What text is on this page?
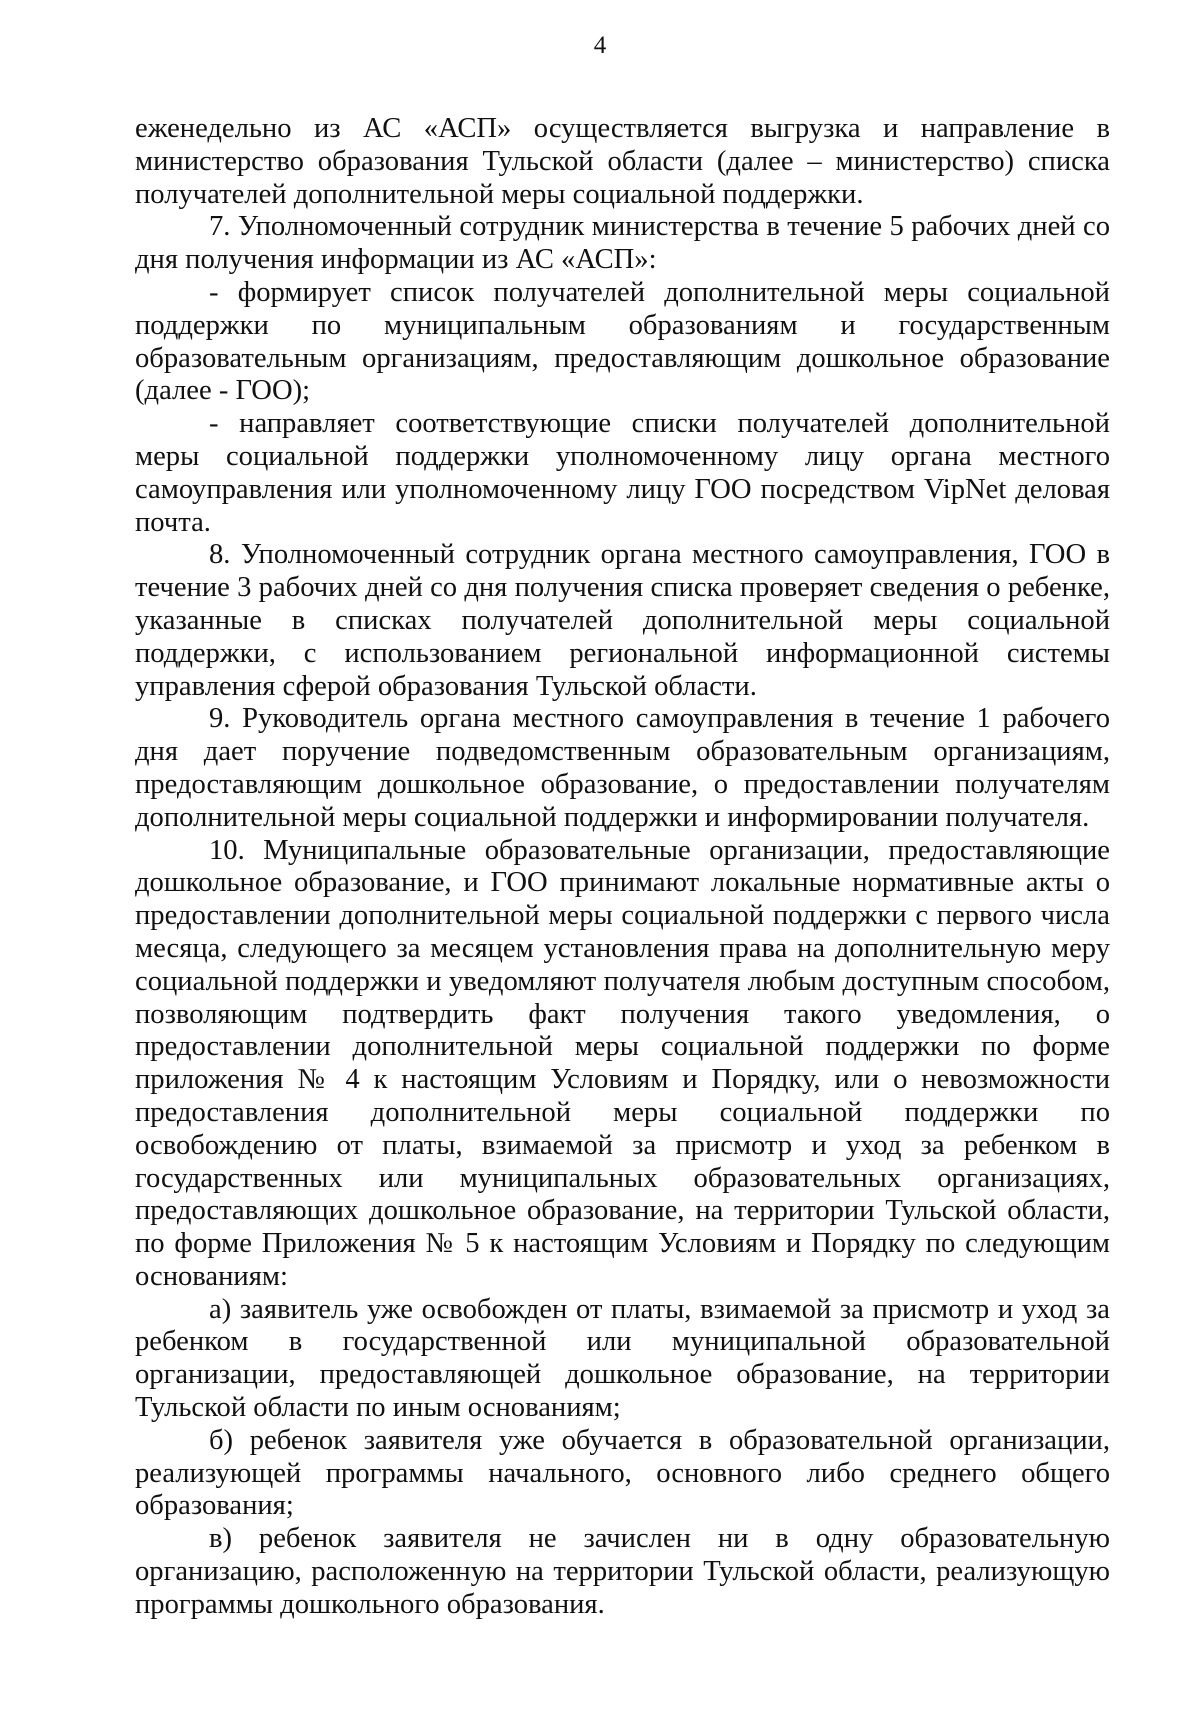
4

еженедельно из АС «АСП» осуществляется выгрузка и направление в министерство образования Тульской области (далее – министерство) списка получателей дополнительной меры социальной поддержки.

7. Уполномоченный сотрудник министерства в течение 5 рабочих дней со дня получения информации из АС «АСП»:

- формирует список получателей дополнительной меры социальной поддержки по муниципальным образованиям и государственным образовательным организациям, предоставляющим дошкольное образование (далее - ГОО);

- направляет соответствующие списки получателей дополнительной меры социальной поддержки уполномоченному лицу органа местного самоуправления или уполномоченному лицу ГОО посредством VipNet деловая почта.

8. Уполномоченный сотрудник органа местного самоуправления, ГОО в течение 3 рабочих дней со дня получения списка проверяет сведения о ребенке, указанные в списках получателей дополнительной меры социальной поддержки, с использованием региональной информационной системы управления сферой образования Тульской области.

9. Руководитель органа местного самоуправления в течение 1 рабочего дня дает поручение подведомственным образовательным организациям, предоставляющим дошкольное образование, о предоставлении получателям дополнительной меры социальной поддержки и информировании получателя.

10. Муниципальные образовательные организации, предоставляющие дошкольное образование, и ГОО принимают локальные нормативные акты о предоставлении дополнительной меры социальной поддержки с первого числа месяца, следующего за месяцем установления права на дополнительную меру социальной поддержки и уведомляют получателя любым доступным способом, позволяющим подтвердить факт получения такого уведомления, о предоставлении дополнительной меры социальной поддержки по форме приложения № 4 к настоящим Условиям и Порядку, или о невозможности предоставления дополнительной меры социальной поддержки по освобождению от платы, взимаемой за присмотр и уход за ребенком в государственных или муниципальных образовательных организациях, предоставляющих дошкольное образование, на территории Тульской области, по форме Приложения № 5 к настоящим Условиям и Порядку по следующим основаниям:

а) заявитель уже освобожден от платы, взимаемой за присмотр и уход за ребенком в государственной или муниципальной образовательной организации, предоставляющей дошкольное образование, на территории Тульской области по иным основаниям;

б) ребенок заявителя уже обучается в образовательной организации, реализующей программы начального, основного либо среднего общего образования;

в) ребенок заявителя не зачислен ни в одну образовательную организацию, расположенную на территории Тульской области, реализующую программы дошкольного образования.
